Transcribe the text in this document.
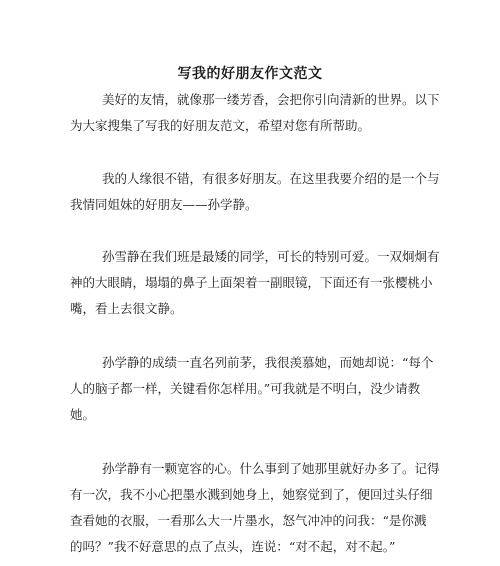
写我的好朋友作文范文
美好的友情，就像那一缕芳香，会把你引向清新的世界。以下
为大家搜集了写我的好朋友范文，希望对您有所帮助。
我的人缘很不错，有很多好朋友。在这里我要介绍的是一个与
我情同姐妹的好朋友——孙学静。
孙雪静在我们班是最矮的同学，可长的特别可爱。一双炯炯有
神的大眼睛，塌塌的鼻子上面架着一副眼镜，下面还有一张樱桃小
嘴，看上去很文静。
孙学静的成绩一直名列前茅，我很羡慕她，而她却说：“每个
人的脑子都一样，关键看你怎样用。”可我就是不明白，没少请教
她。
孙学静有一颗宽容的心。什么事到了她那里就好办多了。记得
有一次，我不小心把墨水溅到她身上，她察觉到了，便回过头仔细
查看她的衣服，一看那么大一片墨水，怒气冲冲的问我：“是你溅
的吗？”我不好意思的点了点头，连说：“对不起，对不起。”
